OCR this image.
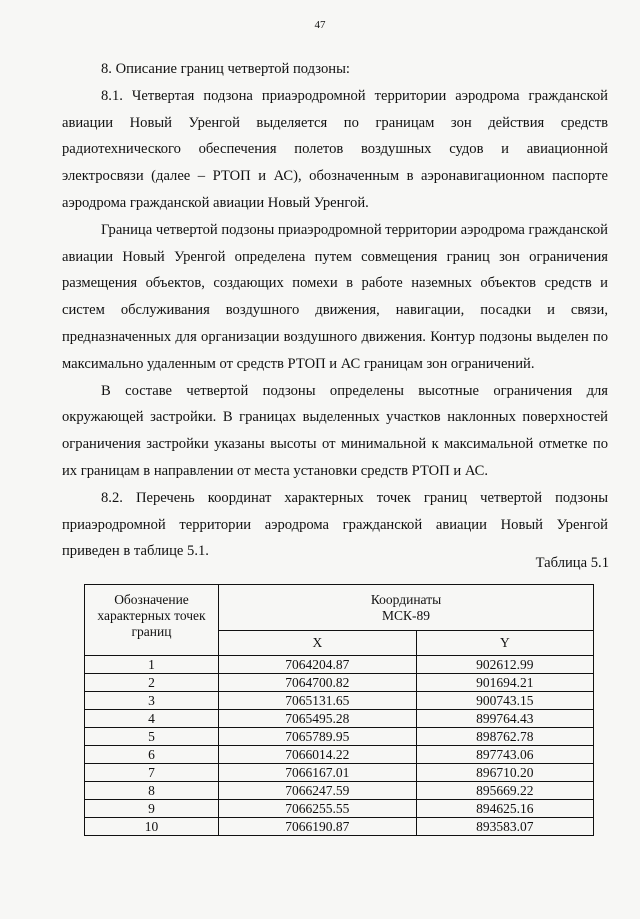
47

8. Описание границ четвертой подзоны:

8.1. Четвертая подзона приаэродромной территории аэродрома гражданской авиации Новый Уренгой выделяется по границам зон действия средств радиотехнического обеспечения полетов воздушных судов и авиационной электросвязи (далее – РТОП и АС), обозначенным в аэронавигационном паспорте аэродрома гражданской авиации Новый Уренгой.

Граница четвертой подзоны приаэродромной территории аэродрома гражданской авиации Новый Уренгой определена путем совмещения границ зон ограничения размещения объектов, создающих помехи в работе наземных объектов средств и систем обслуживания воздушного движения, навигации, посадки и связи, предназначенных для организации воздушного движения. Контур подзоны выделен по максимально удаленным от средств РТОП и АС границам зон ограничений.

В составе четвертой подзоны определены высотные ограничения для окружающей застройки. В границах выделенных участков наклонных поверхностей ограничения застройки указаны высоты от минимальной к максимальной отметке по их границам в направлении от места установки средств РТОП и АС.

8.2. Перечень координат характерных точек границ четвертой подзоны приаэродромной территории аэродрома гражданской авиации Новый Уренгой приведен в таблице 5.1.

Таблица 5.1
Обозначение характерных точек границ	Координаты
МСК-89	
	X	Y
1	7064204.87	902612.99
2	7064700.82	901694.21
3	7065131.65	900743.15
4	7065495.28	899764.43
5	7065789.95	898762.78
6	7066014.22	897743.06
7	7066167.01	896710.20
8	7066247.59	895669.22
9	7066255.55	894625.16
10	7066190.87	893583.07
